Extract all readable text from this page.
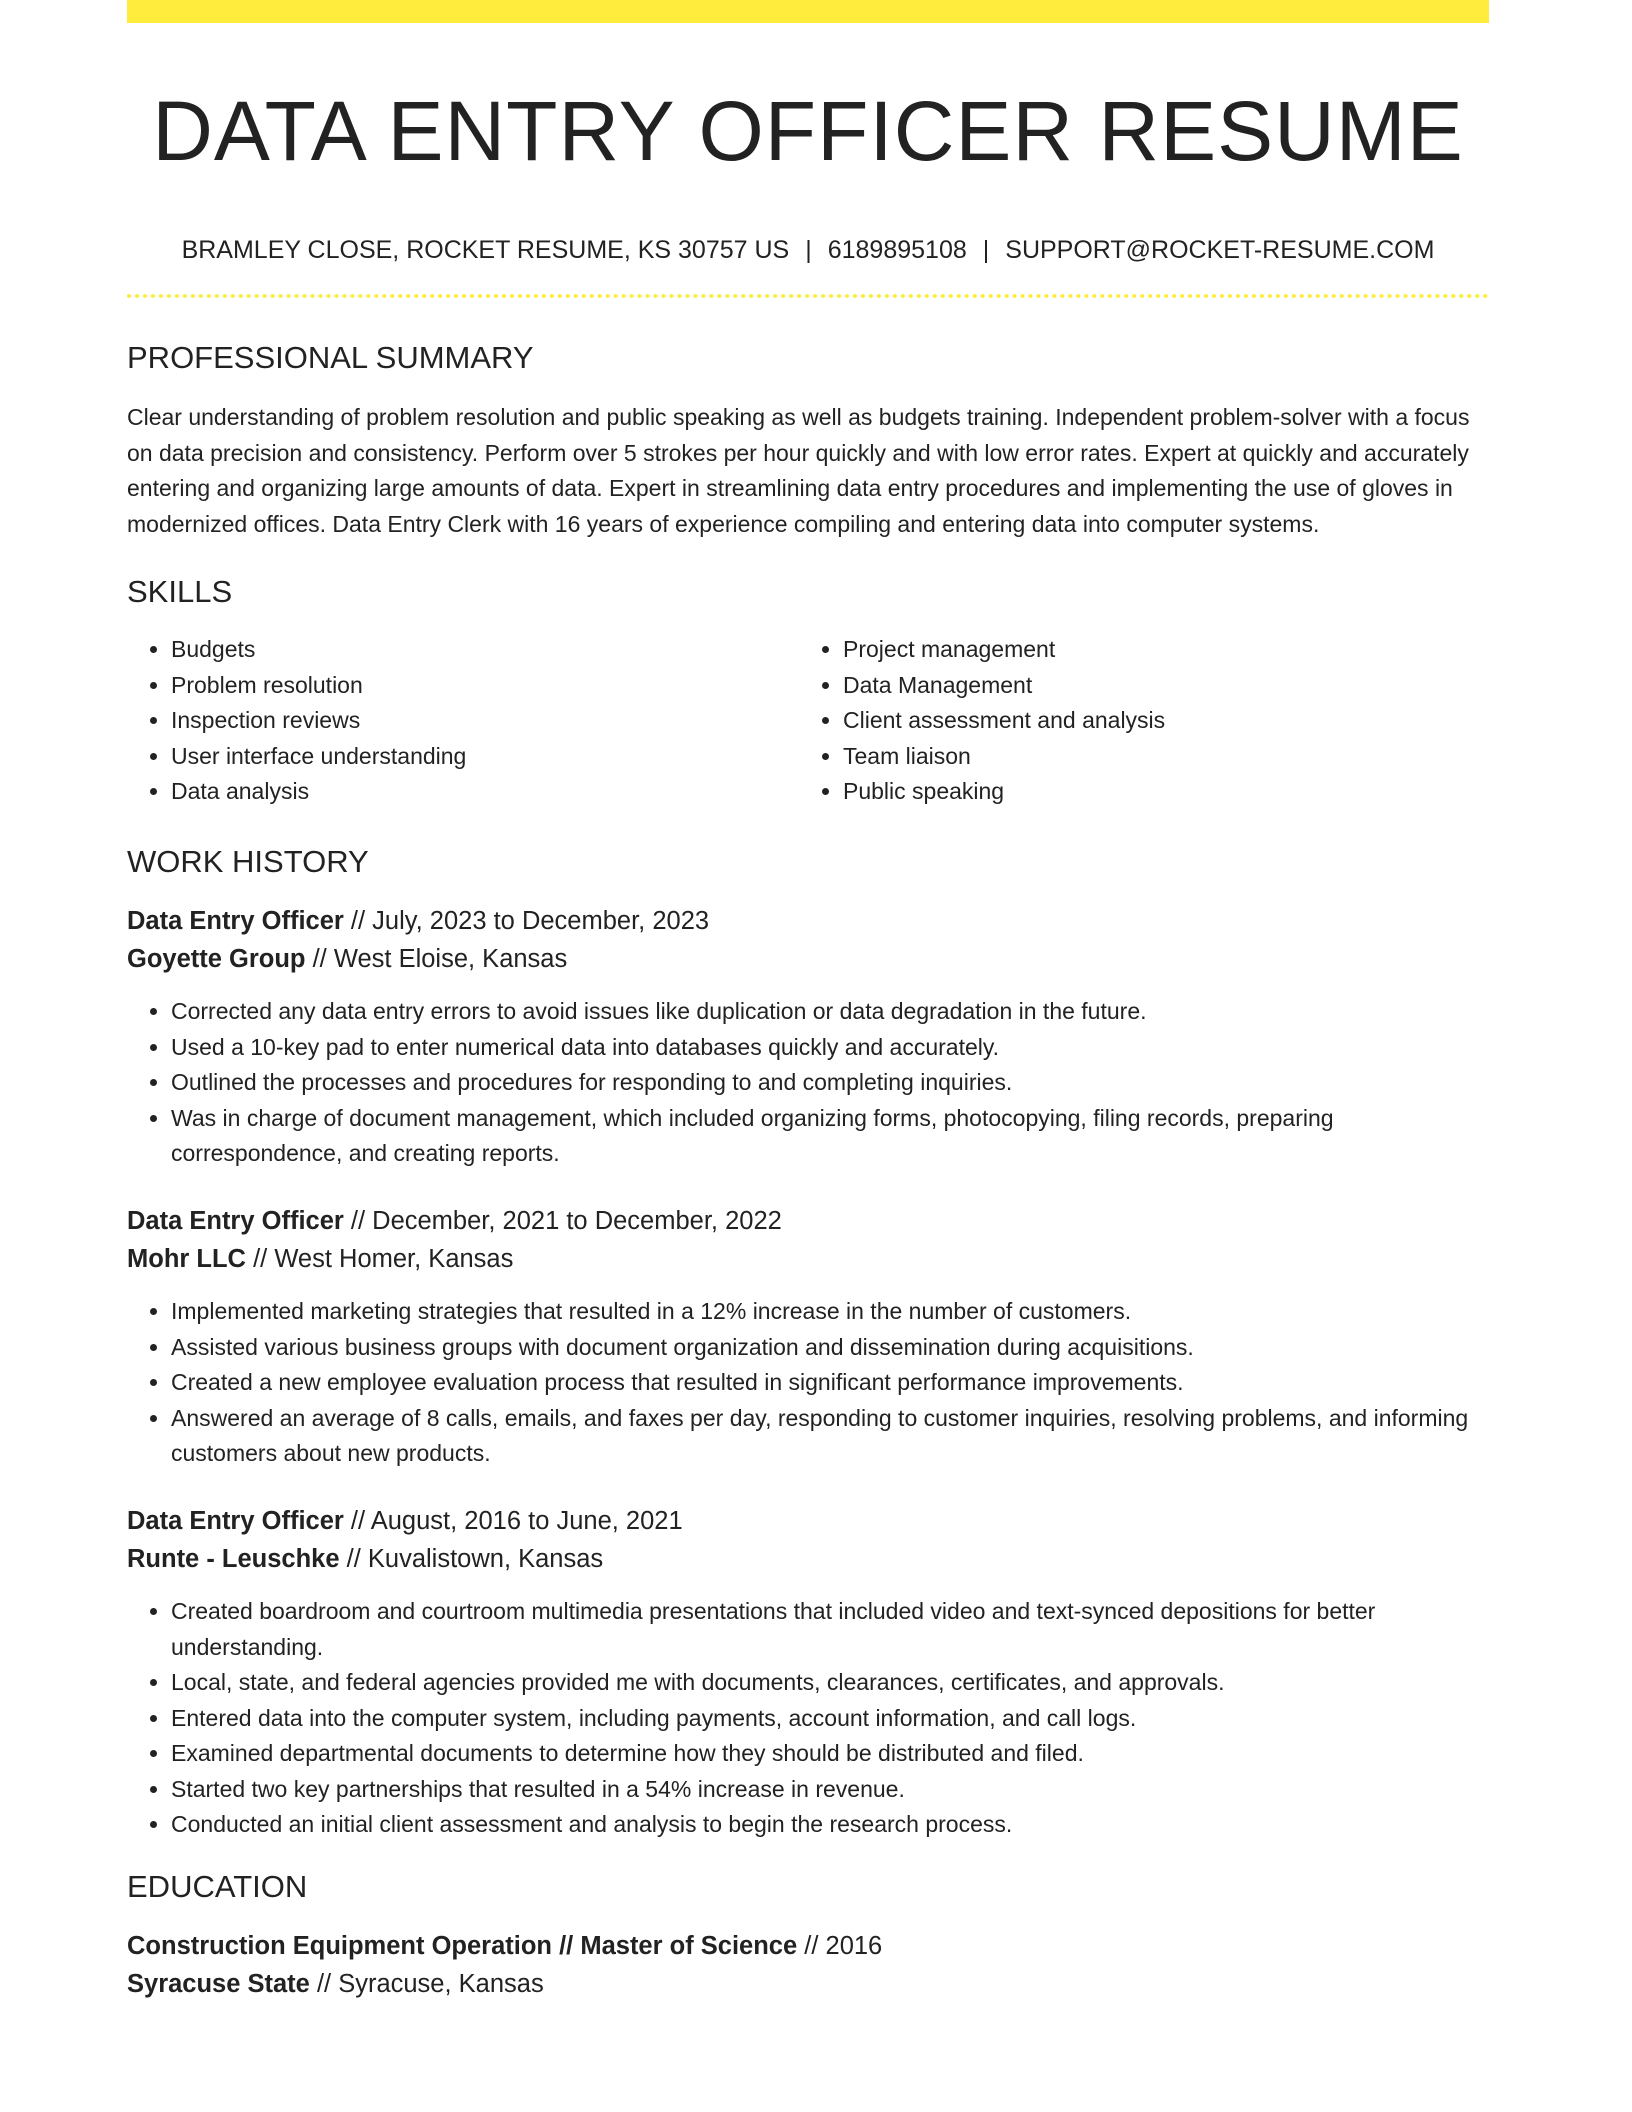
DATA ENTRY OFFICER RESUME
BRAMLEY CLOSE, ROCKET RESUME, KS 30757 US | 6189895108 | SUPPORT@ROCKET-RESUME.COM
PROFESSIONAL SUMMARY

Clear understanding of problem resolution and public speaking as well as budgets training. Independent problem-solver with a focus on data precision and consistency. Perform over 5 strokes per hour quickly and with low error rates. Expert at quickly and accurately entering and organizing large amounts of data. Expert in streamlining data entry procedures and implementing the use of gloves in modernized offices. Data Entry Clerk with 16 years of experience compiling and entering data into computer systems.

SKILLS
• Budgets
• Problem resolution
• Inspection reviews
• User interface understanding
• Data analysis
• Project management
• Data Management
• Client assessment and analysis
• Team liaison
• Public speaking
WORK HISTORY
Data Entry Officer // July, 2023 to December, 2023
Goyette Group // West Eloise, Kansas
• Corrected any data entry errors to avoid issues like duplication or data degradation in the future.
• Used a 10-key pad to enter numerical data into databases quickly and accurately.
• Outlined the processes and procedures for responding to and completing inquiries.
• Was in charge of document management, which included organizing forms, photocopying, filing records, preparing correspondence, and creating reports.
Data Entry Officer // December, 2021 to December, 2022
Mohr LLC // West Homer, Kansas
• Implemented marketing strategies that resulted in a 12% increase in the number of customers.
• Assisted various business groups with document organization and dissemination during acquisitions.
• Created a new employee evaluation process that resulted in significant performance improvements.
• Answered an average of 8 calls, emails, and faxes per day, responding to customer inquiries, resolving problems, and informing customers about new products.
Data Entry Officer // August, 2016 to June, 2021
Runte - Leuschke // Kuvalistown, Kansas
• Created boardroom and courtroom multimedia presentations that included video and text-synced depositions for better understanding.
• Local, state, and federal agencies provided me with documents, clearances, certificates, and approvals.
• Entered data into the computer system, including payments, account information, and call logs.
• Examined departmental documents to determine how they should be distributed and filed.
• Started two key partnerships that resulted in a 54% increase in revenue.
• Conducted an initial client assessment and analysis to begin the research process.
EDUCATION
Construction Equipment Operation // Master of Science // 2016
Syracuse State // Syracuse, Kansas
